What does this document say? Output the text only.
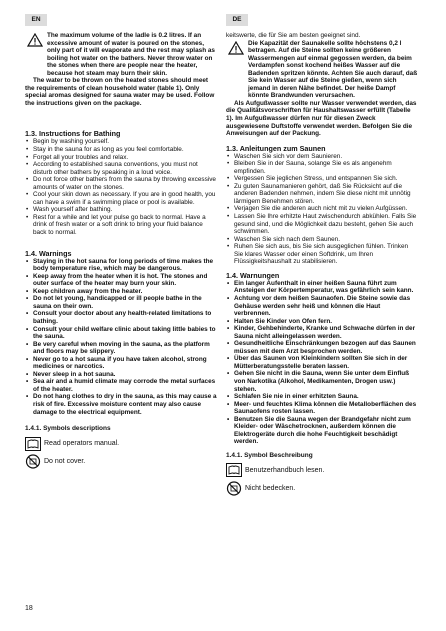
EN	DE

The maximum volume of the ladle is 0.2 litres. If an excessive amount of water is poured on the stones, only part of it will evaporate and the rest may splash as boiling hot water on the bathers. Never throw water on the stones when there are people near the heater, because hot steam may burn their skin.

The water to be thrown on the heated stones should meet the requirements of clean household water (table 1). Only special aromas designed for sauna water may be used. Follow the instructions given on the package.

1.3. Instructions for Bathing
• Begin by washing yourself.
• Stay in the sauna for as long as you feel comfortable.
• Forget all your troubles and relax.
• According to established sauna conventions, you must not disturb other bathers by speaking in a loud voice.
• Do not force other bathers from the sauna by throwing excessive amounts of water on the stones.
• Cool your skin down as necessary. If you are in good health, you can have a swim if a swimming place or pool is available.
• Wash yourself after bathing.
• Rest for a while and let your pulse go back to normal. Have a drink of fresh water or a soft drink to bring your fluid balance back to normal.
1.4. Warnings
• Staying in the hot sauna for long periods of time makes the body temperature rise, which may be dangerous.
• Keep away from the heater when it is hot. The stones and outer surface of the heater may burn your skin.
• Keep children away from the heater.
• Do not let young, handicapped or ill people bathe in the sauna on their own.
• Consult your doctor about any health-related limitations to bathing.
• Consult your child welfare clinic about taking little babies to the sauna.
• Be very careful when moving in the sauna, as the platform and floors may be slippery.
• Never go to a hot sauna if you have taken alcohol, strong medicines or narcotics.
• Never sleep in a hot sauna.
• Sea air and a humid climate may corrode the metal surfaces of the heater.
• Do not hang clothes to dry in the sauna, as this may cause a risk of fire. Excessive moisture content may also cause damage to the electrical equipment.
1.4.1. Symbols descriptions
Read operators manual.
Do not cover.

keitswerte, die für Sie am besten geeignet sind.

Die Kapazität der Saunakelle sollte höchstens 0,2 l betragen. Auf die Steine sollten keine größeren Wassermengen auf einmal gegossen werden, da beim Verdampfen sonst kochend heißes Wasser auf die Badenden spritzen könnte. Achten Sie auch darauf, daß Sie kein Wasser auf die Steine gießen, wenn sich jemand in deren Nähe befindet. Der heiße Dampf könnte Brandwunden verursachen.

Als Aufgußwasser sollte nur Wasser verwendet werden, das die Qualitätsvorschriften für Haushaltswasser erfüllt (Tabelle 1). Im Aufgußwasser dürfen nur für diesen Zweck ausgewiesene Duftstoffe verwendet werden. Befolgen Sie die Anweisungen auf der Packung.

1.3. Anleitungen zum Saunen
• Waschen Sie sich vor dem Saunieren.
• Bleiben Sie in der Sauna, solange Sie es als angenehm empfinden.
• Vergessen Sie jeglichen Stress, und entspannen Sie sich.
• Zu guten Saunamanieren gehört, daß Sie Rücksicht auf die anderen Badenden nehmen, indem Sie diese nicht mit unnötig lärmigem Benehmen stören.
• Verjagen Sie die anderen auch nicht mit zu vielen Aufgüssen.
• Lassen Sie Ihre erhitzte Haut zwischendurch abkühlen. Falls Sie gesund sind, und die Möglichkeit dazu besteht, gehen Sie auch schwimmen.
• Waschen Sie sich nach dem Saunen.
• Ruhen Sie sich aus, bis Sie sich ausgeglichen fühlen. Trinken Sie klares Wasser oder einen Softdrink, um Ihren Flüssigkeitshaushalt zu stabilisieren.
1.4. Warnungen
• Ein langer Aufenthalt in einer heißen Sauna führt zum Ansteigen der Körpertemperatur, was gefährlich sein kann.
• Achtung vor dem heißen Saunaofen. Die Steine sowie das Gehäuse werden sehr heiß und können die Haut verbrennen.
• Halten Sie Kinder von Ofen fern.
• Kinder, Gehbehinderte, Kranke und Schwache dürfen in der Sauna nicht alleingelassen werden.
• Gesundheitliche Einschränkungen bezogen auf das Saunen müssen mit dem Arzt besprochen werden.
• Über das Saunen von Kleinkindern sollten Sie sich in der Mütterberatungsstelle beraten lassen.
• Gehen Sie nicht in die Sauna, wenn Sie unter dem Einfluß von Narkotika (Alkohol, Medikamenten, Drogen usw.) stehen.
• Schlafen Sie nie in einer erhitzten Sauna.
• Meer- und feuchtes Klima können die Metalloberflächen des Saunaofens rosten lassen.
• Benutzen Sie die Sauna wegen der Brandgefahr nicht zum Kleider- oder Wäschetrocknen, außerdem können die Elektrogeräte durch die hohe Feuchtigkeit beschädigt werden.
1.4.1. Symbol Beschreibung
Benutzerhandbuch lesen.
Nicht bedecken.
18
